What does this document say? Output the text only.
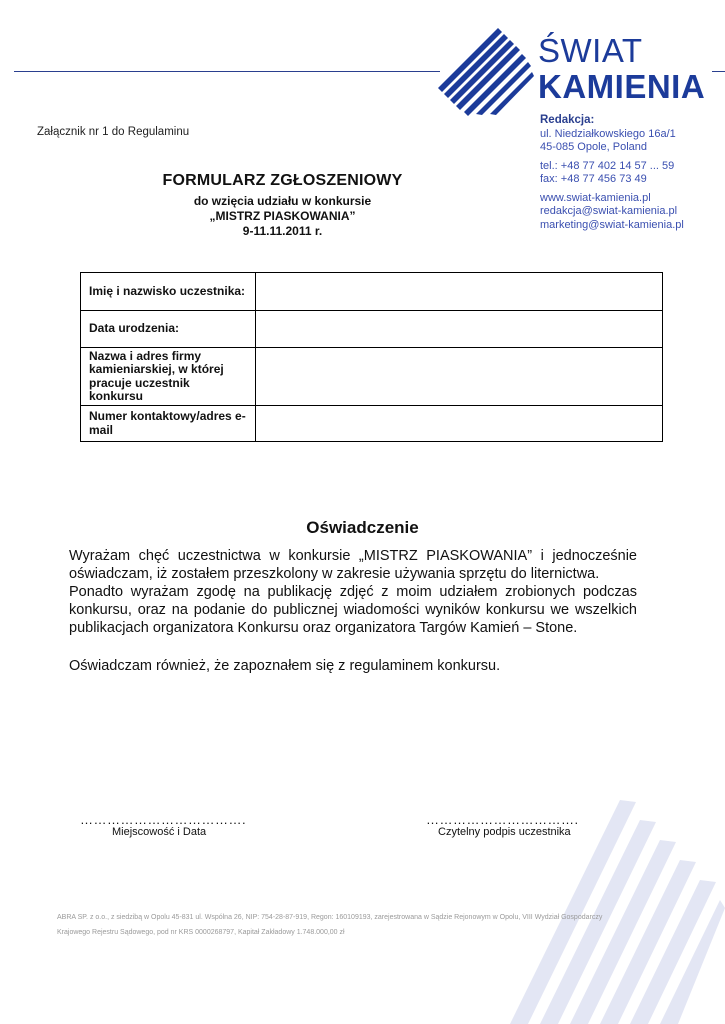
ŚWIAT
KAMIENIA
Załącznik nr 1 do Regulaminu
Redakcja:
ul. Niedziałkowskiego 16a/1
45-085 Opole, Poland
tel.: +48 77 402 14 57 ... 59
fax: +48 77 456 73 49
www.swiat-kamienia.pl
redakcja@swiat-kamienia.pl
marketing@swiat-kamienia.pl
FORMULARZ ZGŁOSZENIOWY
do wzięcia udziału w konkursie
„MISTRZ PIASKOWANIA”
9-11.11.2011 r.
Imię i nazwisko uczestnika:	
Data urodzenia:	
Nazwa i adres firmy kamieniarskiej, w której pracuje uczestnik konkursu	
Numer kontaktowy/adres e-mail	
Oświadczenie

Wyrażam chęć uczestnictwa w konkursie „MISTRZ PIASKOWANIA” i jednocześnie oświadczam, iż zostałem przeszkolony w zakresie używania sprzętu do liternictwa.

Ponadto wyrażam zgodę na publikację zdjęć z moim udziałem zrobionych podczas konkursu, oraz na podanie do publicznej wiadomości wyników konkursu we wszelkich publikacjach organizatora Konkursu oraz organizatora Targów Kamień – Stone.

Oświadczam również, że zapoznałem się z regulaminem konkursu.

……………………………….	…………………………….
Miejscowość i Data	Czytelny podpis uczestnika
ABRA SP. z o.o., z siedzibą w Opolu 45-831 ul. Wspólna 26, NIP: 754-28-87-919, Regon: 160109193, zarejestrowana w Sądzie Rejonowym w Opolu, VIII Wydział Gospodarczy
Krajowego Rejestru Sądowego, pod nr KRS 0000268797, Kapitał Zakładowy 1.748.000,00 zł
